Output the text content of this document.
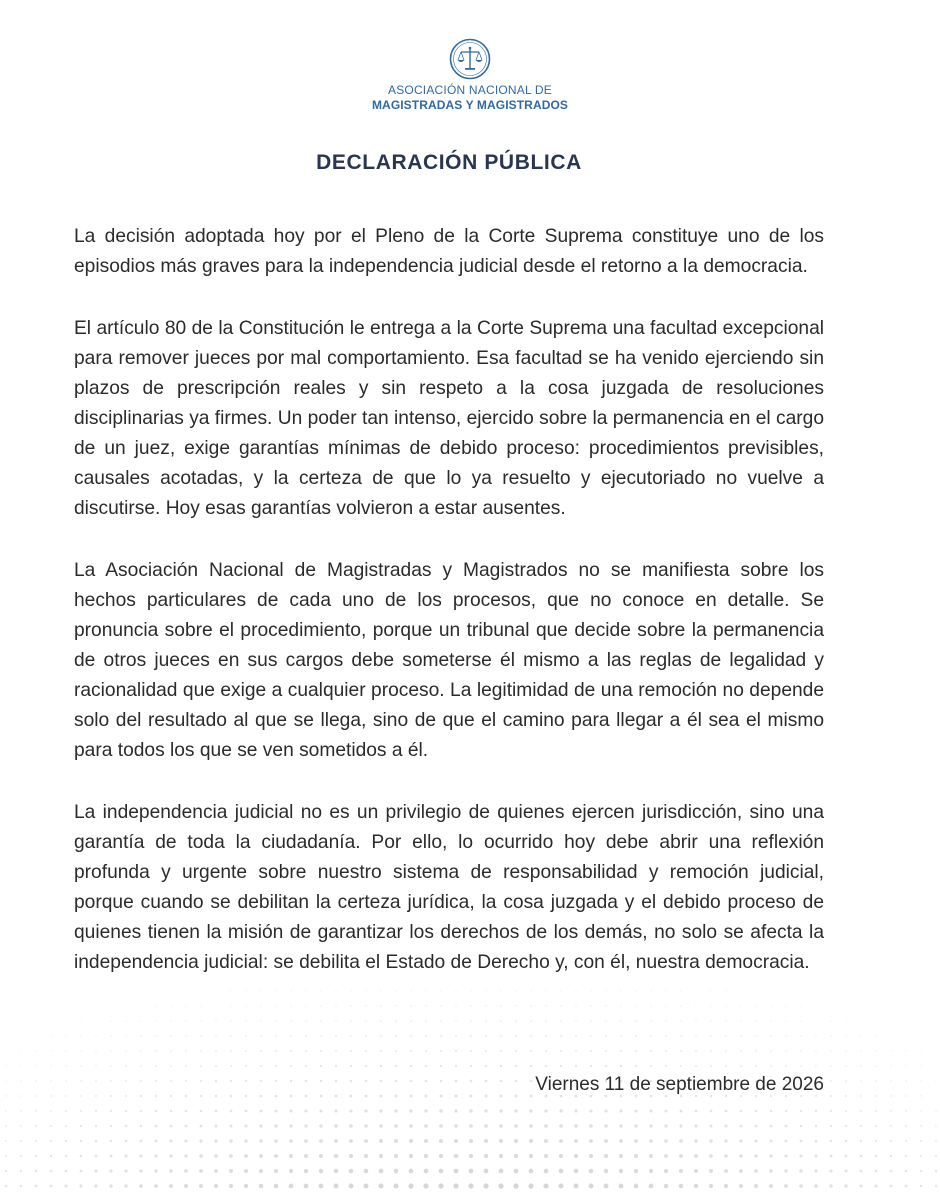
ASOCIACIÓN NACIONAL DE
MAGISTRADAS Y MAGISTRADOS
DECLARACIÓN PÚBLICA

La decisión adoptada hoy por el Pleno de la Corte Suprema constituye uno de los episodios más graves para la independencia judicial desde el retorno a la democracia.

El artículo 80 de la Constitución le entrega a la Corte Suprema una facultad excepcional para remover jueces por mal comportamiento. Esa facultad se ha venido ejerciendo sin plazos de prescripción reales y sin respeto a la cosa juzgada de resoluciones disciplinarias ya firmes. Un poder tan intenso, ejercido sobre la permanencia en el cargo de un juez, exige garantías mínimas de debido proceso: procedimientos previsibles, causales acotadas, y la certeza de que lo ya resuelto y ejecutoriado no vuelve a discutirse. Hoy esas garantías volvieron a estar ausentes.

La Asociación Nacional de Magistradas y Magistrados no se manifiesta sobre los hechos particulares de cada uno de los procesos, que no conoce en detalle. Se pronuncia sobre el procedimiento, porque un tribunal que decide sobre la permanencia de otros jueces en sus cargos debe someterse él mismo a las reglas de legalidad y racionalidad que exige a cualquier proceso. La legitimidad de una remoción no depende solo del resultado al que se llega, sino de que el camino para llegar a él sea el mismo para todos los que se ven sometidos a él.

La independencia judicial no es un privilegio de quienes ejercen jurisdicción, sino una garantía de toda la ciudadanía. Por ello, lo ocurrido hoy debe abrir una reflexión profunda y urgente sobre nuestro sistema de responsabilidad y remoción judicial, porque cuando se debilitan la certeza jurídica, la cosa juzgada y el debido proceso de quienes tienen la misión de garantizar los derechos de los demás, no solo se afecta la independencia judicial: se debilita el Estado de Derecho y, con él, nuestra democracia.

Viernes 11 de septiembre de 2026
